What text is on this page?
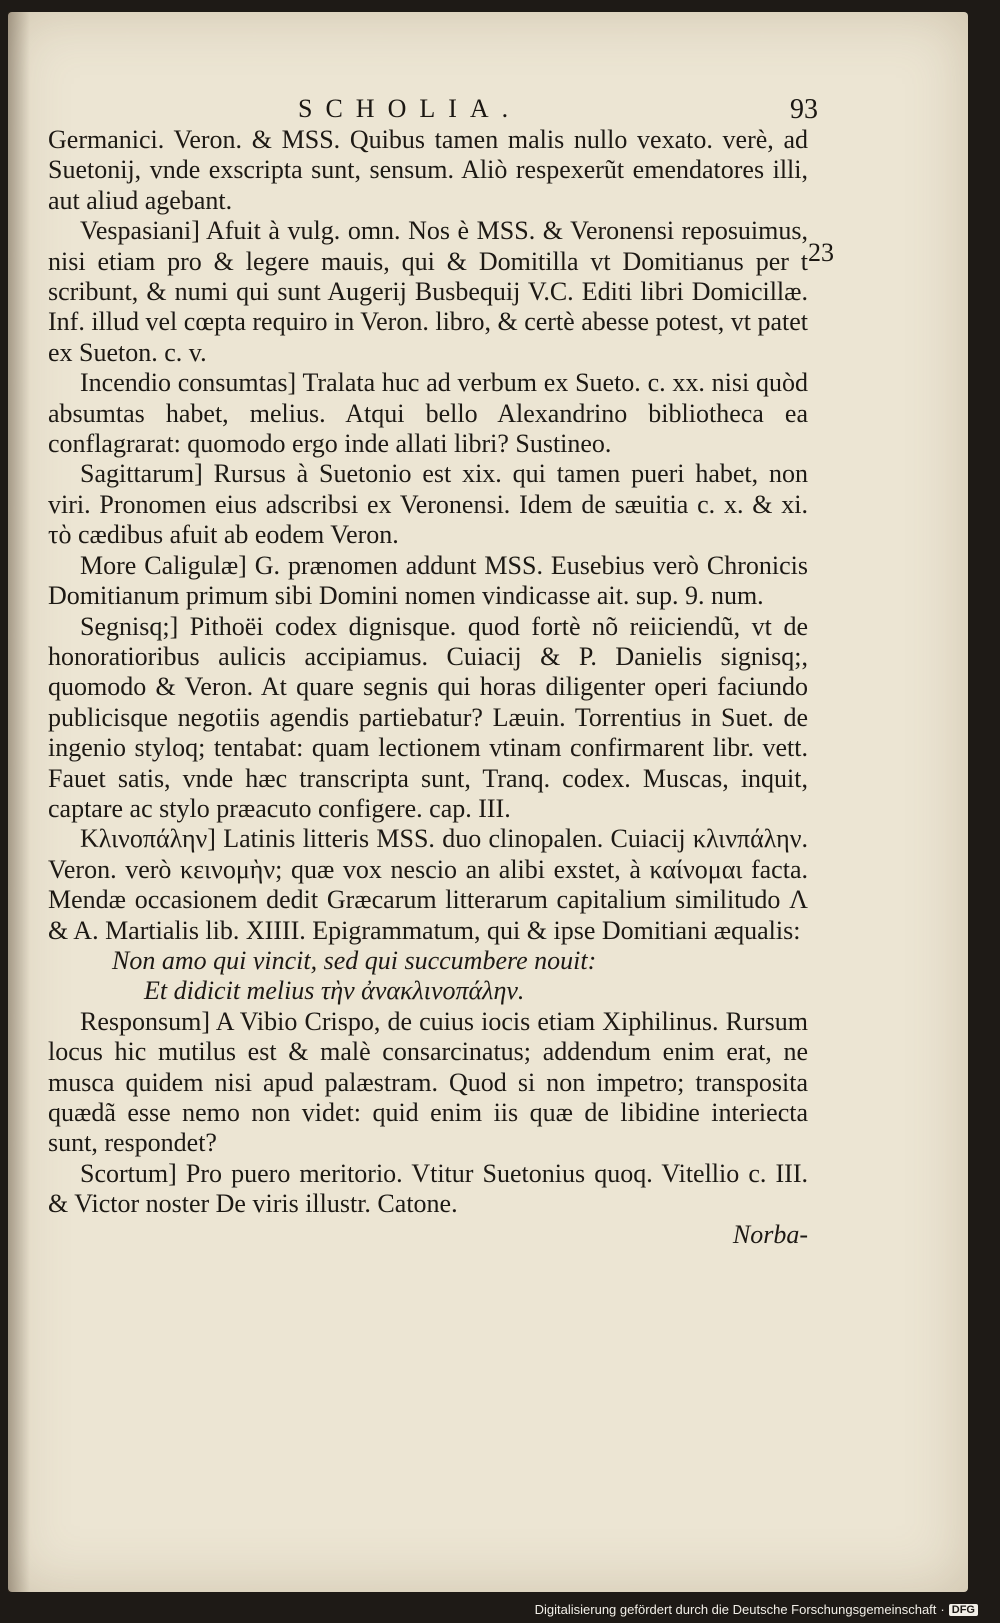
SCHOLIA.	93
23

Germanici. Veron. & MSS. Quibus tamen malis nullo vexato. verè, ad Suetonij, vnde exscripta sunt, sensum. Aliò respexerũt emendatores illi, aut aliud agebant.

Vespasiani] Afuit à vulg. omn. Nos è MSS. & Veronensi reposuimus, nisi etiam pro & legere mauis, qui & Domitilla vt Domitianus per t scribunt, & numi qui sunt Augerij Busbequij V.C. Editi libri Domicillæ. Inf. illud vel cœpta requiro in Veron. libro, & certè abesse potest, vt patet ex Sueton. c. v.

Incendio consumtas] Tralata huc ad verbum ex Sueto. c. xx. nisi quòd absumtas habet, melius. Atqui bello Alexandrino bibliotheca ea conflagrarat: quomodo ergo inde allati libri? Sustineo.

Sagittarum] Rursus à Suetonio est xix. qui tamen pueri habet, non viri. Pronomen eius adscribsi ex Veronensi. Idem de sæuitia c. x. & xi. τὸ cædibus afuit ab eodem Veron.

More Caligulæ] G. prænomen addunt MSS. Eusebius verò Chronicis Domitianum primum sibi Domini nomen vindicasse ait. sup. 9. num.

Segnisq;] Pithoëi codex dignisque. quod fortè nõ reiiciendũ, vt de honoratioribus aulicis accipiamus. Cuiacij & P. Danielis signisq;, quomodo & Veron. At quare segnis qui horas diligenter operi faciundo publicisque negotiis agendis partiebatur? Læuin. Torrentius in Suet. de ingenio styloq; tentabat: quam lectionem vtinam confirmarent libr. vett. Fauet satis, vnde hæc transcripta sunt, Tranq. codex. Muscas, inquit, captare ac stylo præacuto configere. cap. III.

Κλινοπάλην] Latinis litteris MSS. duo clinopalen. Cuiacij κλινπάλην. Veron. verò κεινομὴν; quæ vox nescio an alibi exstet, à καίνομαι facta. Mendæ occasionem dedit Græcarum litterarum capitalium similitudo Λ & Α. Martialis lib. XIIII. Epigrammatum, qui & ipse Domitiani æqualis:

Non amo qui vincit, sed qui succumbere nouit:

Et didicit melius τὴν ἀνακλινοπάλην.

Responsum] A Vibio Crispo, de cuius iocis etiam Xiphilinus. Rursum locus hic mutilus est & malè consarcinatus; addendum enim erat, ne musca quidem nisi apud palæstram. Quod si non impetro; transposita quædã esse nemo non videt: quid enim iis quæ de libidine interiecta sunt, respondet?

Scortum] Pro puero meritorio. Vtitur Suetonius quoq. Vitellio c. III. & Victor noster De viris illustr. Catone.

Norba-

Digitalisierung gefördert durch die Deutsche Forschungsgemeinschaft · DFG
